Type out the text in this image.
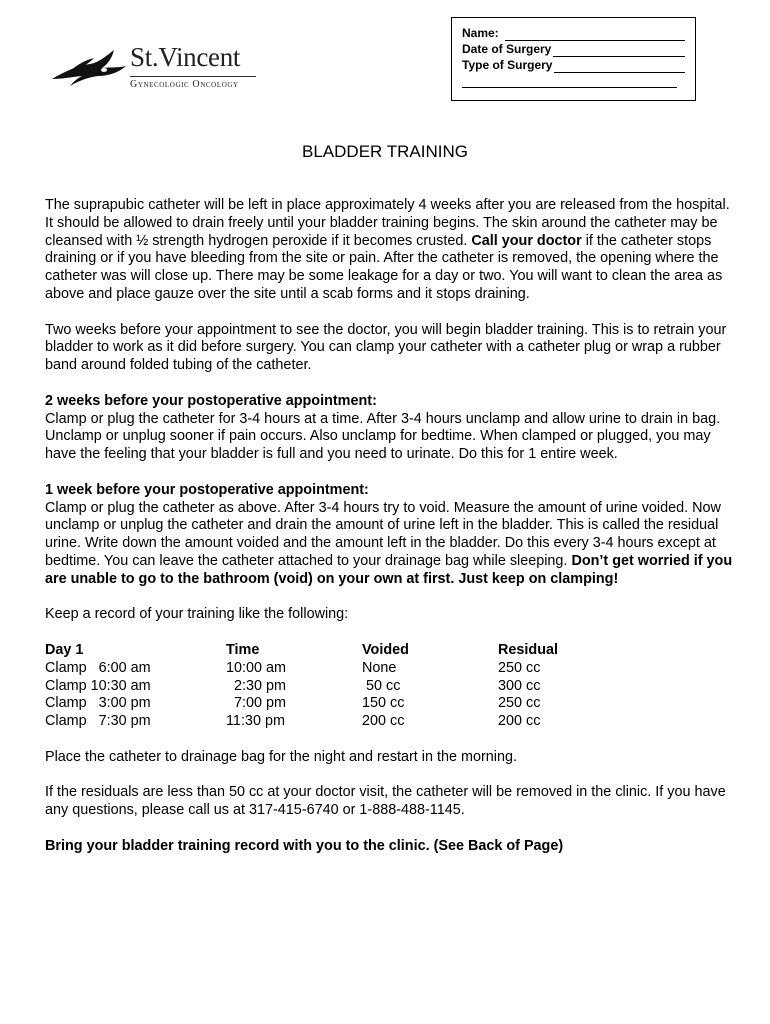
St.Vincent
Gynecologic Oncology
Name:
Date of Surgery
Type of Surgery
BLADDER TRAINING

The suprapubic catheter will be left in place approximately 4 weeks after you are released from the hospital. It should be allowed to drain freely until your bladder training begins. The skin around the catheter may be cleansed with ½ strength hydrogen peroxide if it becomes crusted. Call your doctor if the catheter stops draining or if you have bleeding from the site or pain. After the catheter is removed, the opening where the catheter was will close up. There may be some leakage for a day or two. You will want to clean the area as above and place gauze over the site until a scab forms and it stops draining.

Two weeks before your appointment to see the doctor, you will begin bladder training. This is to retrain your bladder to work as it did before surgery. You can clamp your catheter with a catheter plug or wrap a rubber band around folded tubing of the catheter.

2 weeks before your postoperative appointment:
Clamp or plug the catheter for 3-4 hours at a time. After 3-4 hours unclamp and allow urine to drain in bag. Unclamp or unplug sooner if pain occurs. Also unclamp for bedtime. When clamped or plugged, you may have the feeling that your bladder is full and you need to urinate. Do this for 1 entire week.

1 week before your postoperative appointment:
Clamp or plug the catheter as above. After 3-4 hours try to void. Measure the amount of urine voided. Now unclamp or unplug the catheter and drain the amount of urine left in the bladder. This is called the residual urine. Write down the amount voided and the amount left in the bladder. Do this every 3-4 hours except at bedtime. You can leave the catheter attached to your drainage bag while sleeping. Don’t get worried if you are unable to go to the bathroom (void) on your own at first. Just keep on clamping!

Keep a record of your training like the following:

Day 1	Time	Voided	Residual
Clamp   6:00 am	10:00 am	None	250 cc
Clamp 10:30 am	2:30 pm	50 cc	300 cc
Clamp   3:00 pm	7:00 pm	150 cc	250 cc
Clamp   7:30 pm	11:30 pm	200 cc	200 cc

Place the catheter to drainage bag for the night and restart in the morning.

If the residuals are less than 50 cc at your doctor visit, the catheter will be removed in the clinic. If you have any questions, please call us at 317-415-6740 or 1-888-488-1145.

Bring your bladder training record with you to the clinic. (See Back of Page)
